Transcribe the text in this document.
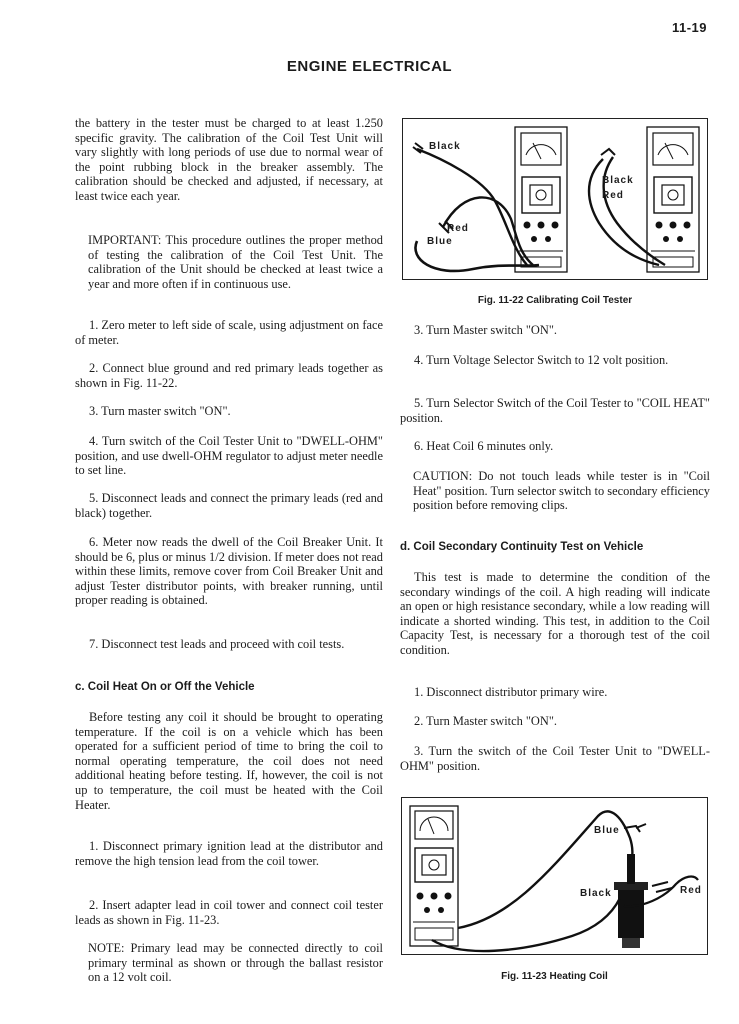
11-19
ENGINE ELECTRICAL
the battery in the tester must be charged to at least 1.250 specific gravity. The calibration of the Coil Test Unit will vary slightly with long periods of use due to normal wear of the point rubbing block in the breaker assembly. The calibration should be checked and adjusted, if necessary, at least twice each year.
IMPORTANT: This procedure outlines the proper method of testing the calibration of the Coil Test Unit. The calibration of the Unit should be checked at least twice a year and more often if in continuous use.
1. Zero meter to left side of scale, using adjustment on face of meter.
2. Connect blue ground and red primary leads together as shown in Fig. 11-22.
3. Turn master switch "ON".
4. Turn switch of the Coil Tester Unit to "DWELL-OHM" position, and use dwell-OHM regulator to adjust meter needle to set line.
5. Disconnect leads and connect the primary leads (red and black) together.
6. Meter now reads the dwell of the Coil Breaker Unit. It should be 6, plus or minus 1/2 division. If meter does not read within these limits, remove cover from Coil Breaker Unit and adjust Tester distributor points, with breaker running, until proper reading is obtained.
7. Disconnect test leads and proceed with coil tests.
c. Coil Heat On or Off the Vehicle
Before testing any coil it should be brought to operating temperature. If the coil is on a vehicle which has been operated for a sufficient period of time to bring the coil to normal operating temperature, the coil does not need additional heating before testing. If, however, the coil is not up to temperature, the coil must be heated with the Coil Heater.
1. Disconnect primary ignition lead at the distributor and remove the high tension lead from the coil tower.
2. Insert adapter lead in coil tower and connect coil tester leads as shown in Fig. 11-23.
NOTE: Primary lead may be connected directly to coil primary terminal as shown or through the ballast resistor on a 12 volt coil.
Black
Red
Blue
Black
Red
Fig. 11-22 Calibrating Coil Tester
3. Turn Master switch "ON".
4. Turn Voltage Selector Switch to 12 volt position.
5. Turn Selector Switch of the Coil Tester to "COIL HEAT" position.
6. Heat Coil 6 minutes only.
CAUTION: Do not touch leads while tester is in "Coil Heat" position. Turn selector switch to secondary efficiency position before removing clips.
d. Coil Secondary Continuity Test on Vehicle
This test is made to determine the condition of the secondary windings of the coil. A high reading will indicate an open or high resistance secondary, while a low reading will indicate a shorted winding. This test, in addition to the Coil Capacity Test, is necessary for a thorough test of the coil condition.
1. Disconnect distributor primary wire.
2. Turn Master switch "ON".
3. Turn the switch of the Coil Tester Unit to "DWELL-OHM" position.
Blue
Black	Red
Fig. 11-23 Heating Coil
